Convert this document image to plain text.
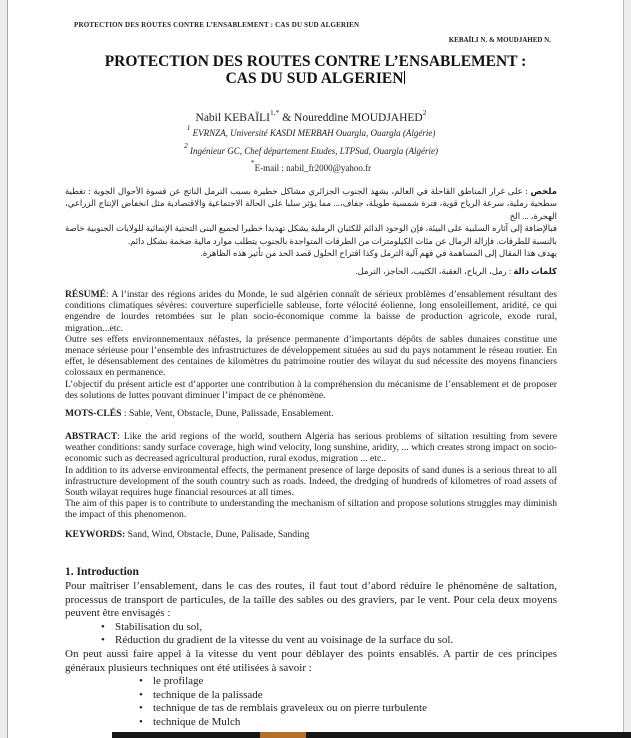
PROTECTION DES ROUTES CONTRE L’ENSABLEMENT : CAS DU SUD ALGERIEN
KEBAÏLI N. & MOUDJAHED N.
PROTECTION DES ROUTES CONTRE L’ENSABLEMENT :
CAS DU SUD ALGERIEN
Nabil $KEBAÏLI^{1,*}$ & Noureddine MOUDJAHED$^2$
$^1$ EVRNZA, Université KASDI MERBAH Ouargla, Ouargla (Algérie)
$^2$ Ingénieur GC, Chef département Etudes, LTPSud, Ouargla (Algérie)
*E-mail : nabil_fr2000@yahoo.fr

ملخص : على غرار المناطق القاحلة في العالم، يشهد الجنوب الجزائري مشاكل خطيرة بسبب الترمل الناتج عن قسوة الأحوال الجوية : تغطية سطحية رملية، سرعة الرياح قوية، فترة شمسية طويلة، جفاف،... مما يؤثر سلبا على الحالة الاجتماعية والاقتصادية مثل انخفاض الإنتاج الزراعي، الهجرة، ... الخ

فبالإضافة إلى آثاره السلبية على البيئة، فإن الوجود الدائم للكثبان الرملية يشكل تهديدا خطيرا لجميع البنى التحتية الإنمائية للولايات الجنوبية خاصة بالنسبة للطرقات. فإزالة الرمال عن مئات الكيلومترات من الطرقات المتواجدة بالجنوب يتطلب موارد مالية ضخمة بشكل دائم.

يهدف هذا المقال إلى المساهمة في فهم آلية الترمل وكذا اقتراح الحلول قصد الحد من تأثير هذه الظاهرة.

كلمات دالة : رمل، الرياح، العقبة، الكثيب، الحاجز، الترمل.

RÉSUMÉ: A l’instar des régions arides du Monde, le sud algérien connaît de sérieux problèmes d’ensablement résultant des conditions climatiques sévères: couverture superficielle sableuse, forte vélocité éolienne, long ensoleillement, aridité, ce qui engendre de lourdes retombées sur le plan socio-économique comme la baisse de production agricole, exode rural, migration...etc.

Outre ses effets environnementaux néfastes, la présence permanente d’importants dépôts de sables dunaires constitue une menace sérieuse pour l’ensemble des infrastructures de développement situées au sud du pays notamment le réseau routier. En effet, le désensablement des centaines de kilomètres du patrimoine routier des wilayat du sud nécessite des moyens financiers colossaux en permanence.

L’objectif du présent article est d’apporter une contribution à la compréhension du mécanisme de l’ensablement et de proposer des solutions de luttes pouvant diminuer l’impact de ce phénomène.

MOTS-CLÉS : Sable, Vent, Obstacle, Dune, Palissade, Ensablement.

ABSTRACT: Like the arid regions of the world, southern Algeria has serious problems of siltation resulting from severe weather conditions: sandy surface coverage, high wind velocity, long sunshine, aridity, ... which creates strong impact on socio-economic such as decreased agricultural production, rural exodus, migration ... etc..

In addition to its adverse environmental effects, the permanent presence of large deposits of sand dunes is a serious threat to all infrastructure development of the south country such as roads. Indeed, the dredging of hundreds of kilometres of road assets of South wilayat requires huge financial resources at all times.

The aim of this paper is to contribute to understanding the mechanism of siltation and propose solutions struggles may diminish the impact of this phenomenon.

KEYWORDS: Sand, Wind, Obstacle, Dune, Palisade, Sanding
1. Introduction

Pour maîtriser l’ensablement, dans le cas des routes, il faut tout d’abord réduire le phénomène de saltation, processus de transport de particules, de la taille des sables ou des graviers, par le vent. Pour cela deux moyens peuvent être envisagés :

• Stabilisation du sol,
• Réduction du gradient de la vitesse du vent au voisinage de la surface du sol.

On peut aussi faire appel à la vitesse du vent pour déblayer des points ensablés. A partir de ces principes généraux plusieurs techniques ont été utilisées à savoir :

• le profilage
• technique de la palissade
• technique de tas de remblais graveleux ou on pierre turbulente
• technique de Mulch
